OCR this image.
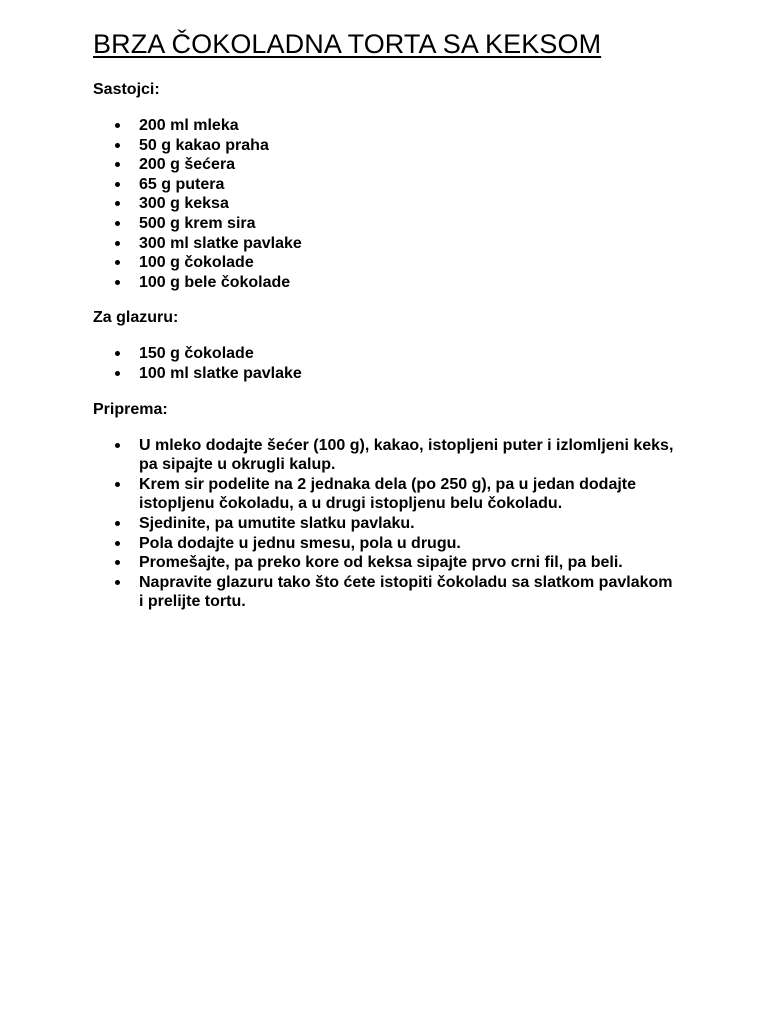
BRZA ČOKOLADNA TORTA SA KEKSOM
Sastojci:
200 ml mleka
50 g kakao praha
200 g šećera
65 g putera
300 g keksa
500 g krem sira
300 ml slatke pavlake
100 g čokolade
100 g bele čokolade
Za glazuru:
150 g čokolade
100 ml slatke pavlake
Priprema:
U mleko dodajte šećer (100 g), kakao, istopljeni puter i izlomljeni keks, pa sipajte u okrugli kalup.
Krem sir podelite na 2 jednaka dela (po 250 g), pa u jedan dodajte istopljenu čokoladu, a u drugi istopljenu belu čokoladu.
Sjedinite, pa umutite slatku pavlaku.
Pola dodajte u jednu smesu, pola u drugu.
Promešajte, pa preko kore od keksa sipajte prvo crni fil, pa beli.
Napravite glazuru tako što ćete istopiti čokoladu sa slatkom pavlakom i prelijte tortu.
